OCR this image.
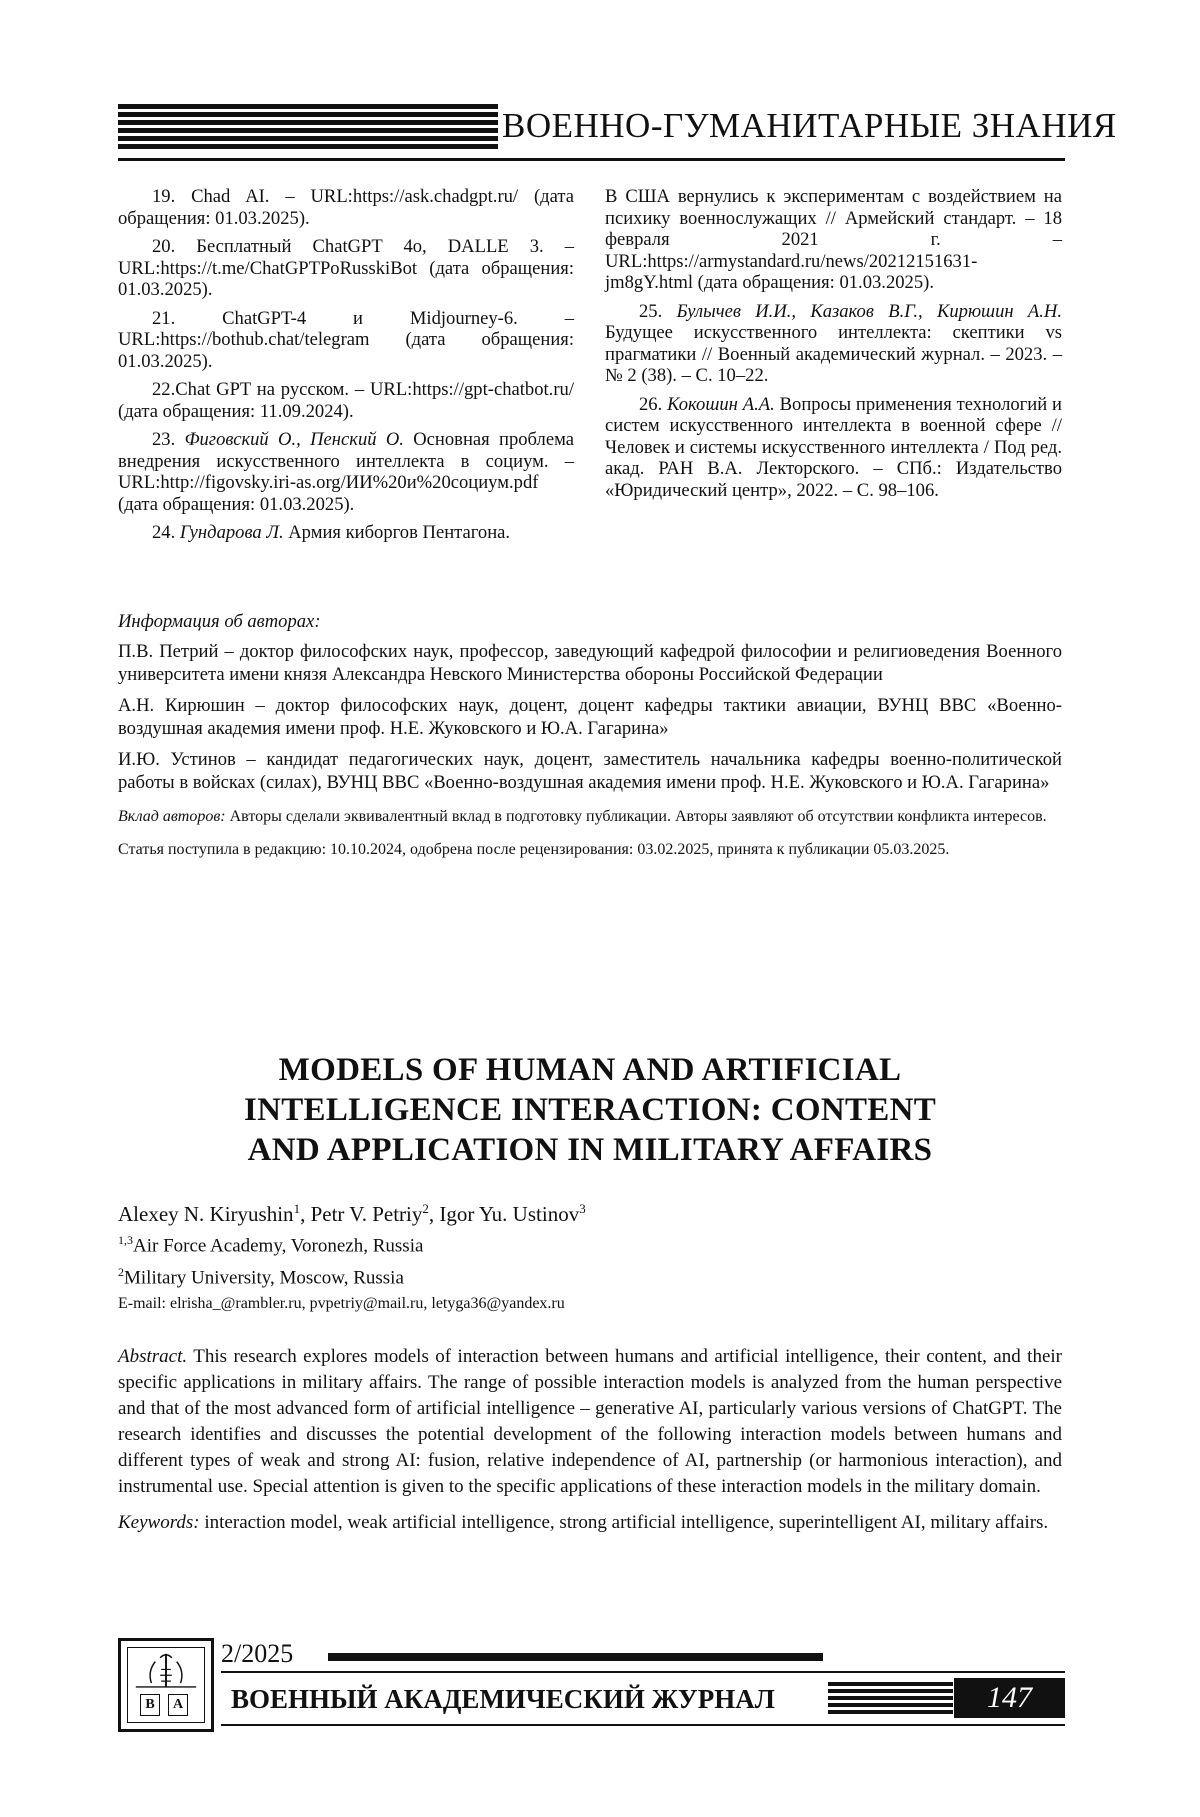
ВОЕННО-ГУМАНИТАРНЫЕ ЗНАНИЯ

19. Chad AI. – URL:https://ask.chadgpt.ru/ (дата обращения: 01.03.2025).

20. Бесплатный ChatGPT 4o, DALLE 3. – URL:https://t.me/ChatGPTPoRusskiBot (дата обращения: 01.03.2025).

21. ChatGPT-4 и Midjourney-6. – URL:https://bothub.chat/telegram (дата обращения: 01.03.2025).

22.Chat GPT на русском. – URL:https://gpt-chatbot.ru/ (дата обращения: 11.09.2024).

23. Фиговский О., Пенский О. Основная проблема внедрения искусственного интеллекта в социум. – URL:http://figovsky.iri-as.org/ИИ%20и%20социум.pdf (дата обращения: 01.03.2025).

24. Гундарова Л. Армия киборгов Пентагона.

В США вернулись к экспериментам с воздействием на психику военнослужащих // Армейский стандарт. – 18 февраля 2021 г. – URL:https://armystandard.ru/news/20212151631-jm8gY.html (дата обращения: 01.03.2025).

25. Булычев И.И., Казаков В.Г., Кирюшин А.Н. Будущее искусственного интеллекта: скептики vs прагматики // Военный академический журнал. – 2023. – № 2 (38). – С. 10–22.

26. Кокошин А.А. Вопросы применения технологий и систем искусственного интеллекта в военной сфере // Человек и системы искусственного интеллекта / Под ред. акад. РАН В.А. Лекторского. – СПб.: Издательство «Юридический центр», 2022. – С. 98–106.

Информация об авторах:

П.В. Петрий – доктор философских наук, профессор, заведующий кафедрой философии и религиоведения Военного университета имени князя Александра Невского Министерства обороны Российской Федерации

А.Н. Кирюшин – доктор философских наук, доцент, доцент кафедры тактики авиации, ВУНЦ ВВС «Военно-воздушная академия имени проф. Н.Е. Жуковского и Ю.А. Гагарина»

И.Ю. Устинов – кандидат педагогических наук, доцент, заместитель начальника кафедры военно-политической работы в войсках (силах), ВУНЦ ВВС «Военно-воздушная академия имени проф. Н.Е. Жуковского и Ю.А. Гагарина»

Вклад авторов: Авторы сделали эквивалентный вклад в подготовку публикации. Авторы заявляют об отсутствии конфликта интересов.

Статья поступила в редакцию: 10.10.2024, одобрена после рецензирования: 03.02.2025, принята к публикации 05.03.2025.

MODELS OF HUMAN AND ARTIFICIAL
INTELLIGENCE INTERACTION: CONTENT
AND APPLICATION IN MILITARY AFFAIRS
Alexey N. Kiryushin$^1$, Petr V. Petriy$^2$, Igor Yu. Ustinov$^3$
$^{1,3}$Air Force Academy, Voronezh, Russia
$^2$Military University, Moscow, Russia
E-mail: elrisha_@rambler.ru, pvpetriy@mail.ru, letyga36@yandex.ru

Abstract. This research explores models of interaction between humans and artificial intelligence, their content, and their specific applications in military affairs. The range of possible interaction models is analyzed from the human perspective and that of the most advanced form of artificial intelligence – generative AI, particularly various versions of ChatGPT. The research identifies and discusses the potential development of the following interaction models between humans and different types of weak and strong AI: fusion, relative independence of AI, partnership (or harmonious interaction), and instrumental use. Special attention is given to the specific applications of these interaction models in the military domain.

Keywords: interaction model, weak artificial intelligence, strong artificial intelligence, superintelligent AI, military affairs.

В	А
2/2025
ВОЕННЫЙ АКАДЕМИЧЕСКИЙ ЖУРНАЛ	147
